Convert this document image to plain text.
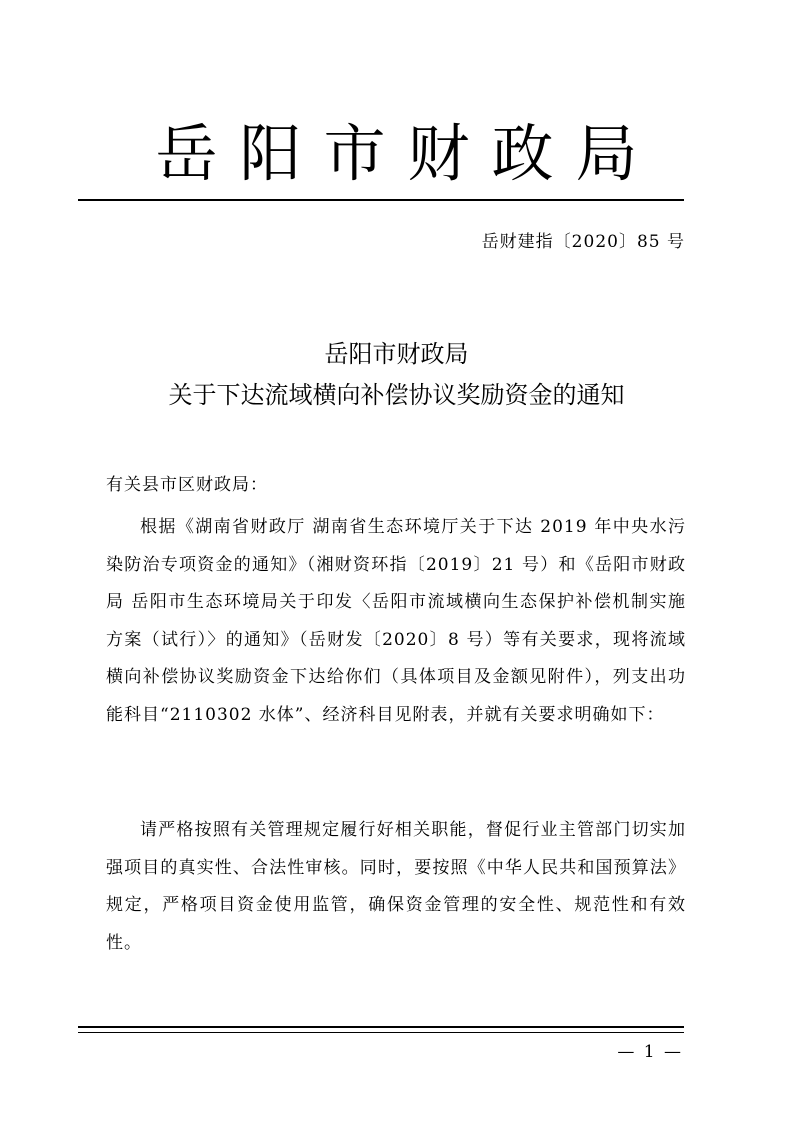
岳阳市财政局
岳财建指〔2020〕85 号
岳阳市财政局
关于下达流域横向补偿协议奖励资金的通知
有关县市区财政局：
根据《湖南省财政厅 湖南省生态环境厅关于下达 2019 年中央水污染防治专项资金的通知》（湘财资环指〔2019〕21 号）和《岳阳市财政局 岳阳市生态环境局关于印发〈岳阳市流域横向生态保护补偿机制实施方案（试行）〉的通知》（岳财发〔2020〕8 号）等有关要求，现将流域横向补偿协议奖励资金下达给你们（具体项目及金额见附件），列支出功能科目“2110302 水体”、经济科目见附表，并就有关要求明确如下：
请严格按照有关管理规定履行好相关职能，督促行业主管部门切实加强项目的真实性、合法性审核。同时，要按照《中华人民共和国预算法》规定，严格项目资金使用监管，确保资金管理的安全性、规范性和有效性。
— 1 —
